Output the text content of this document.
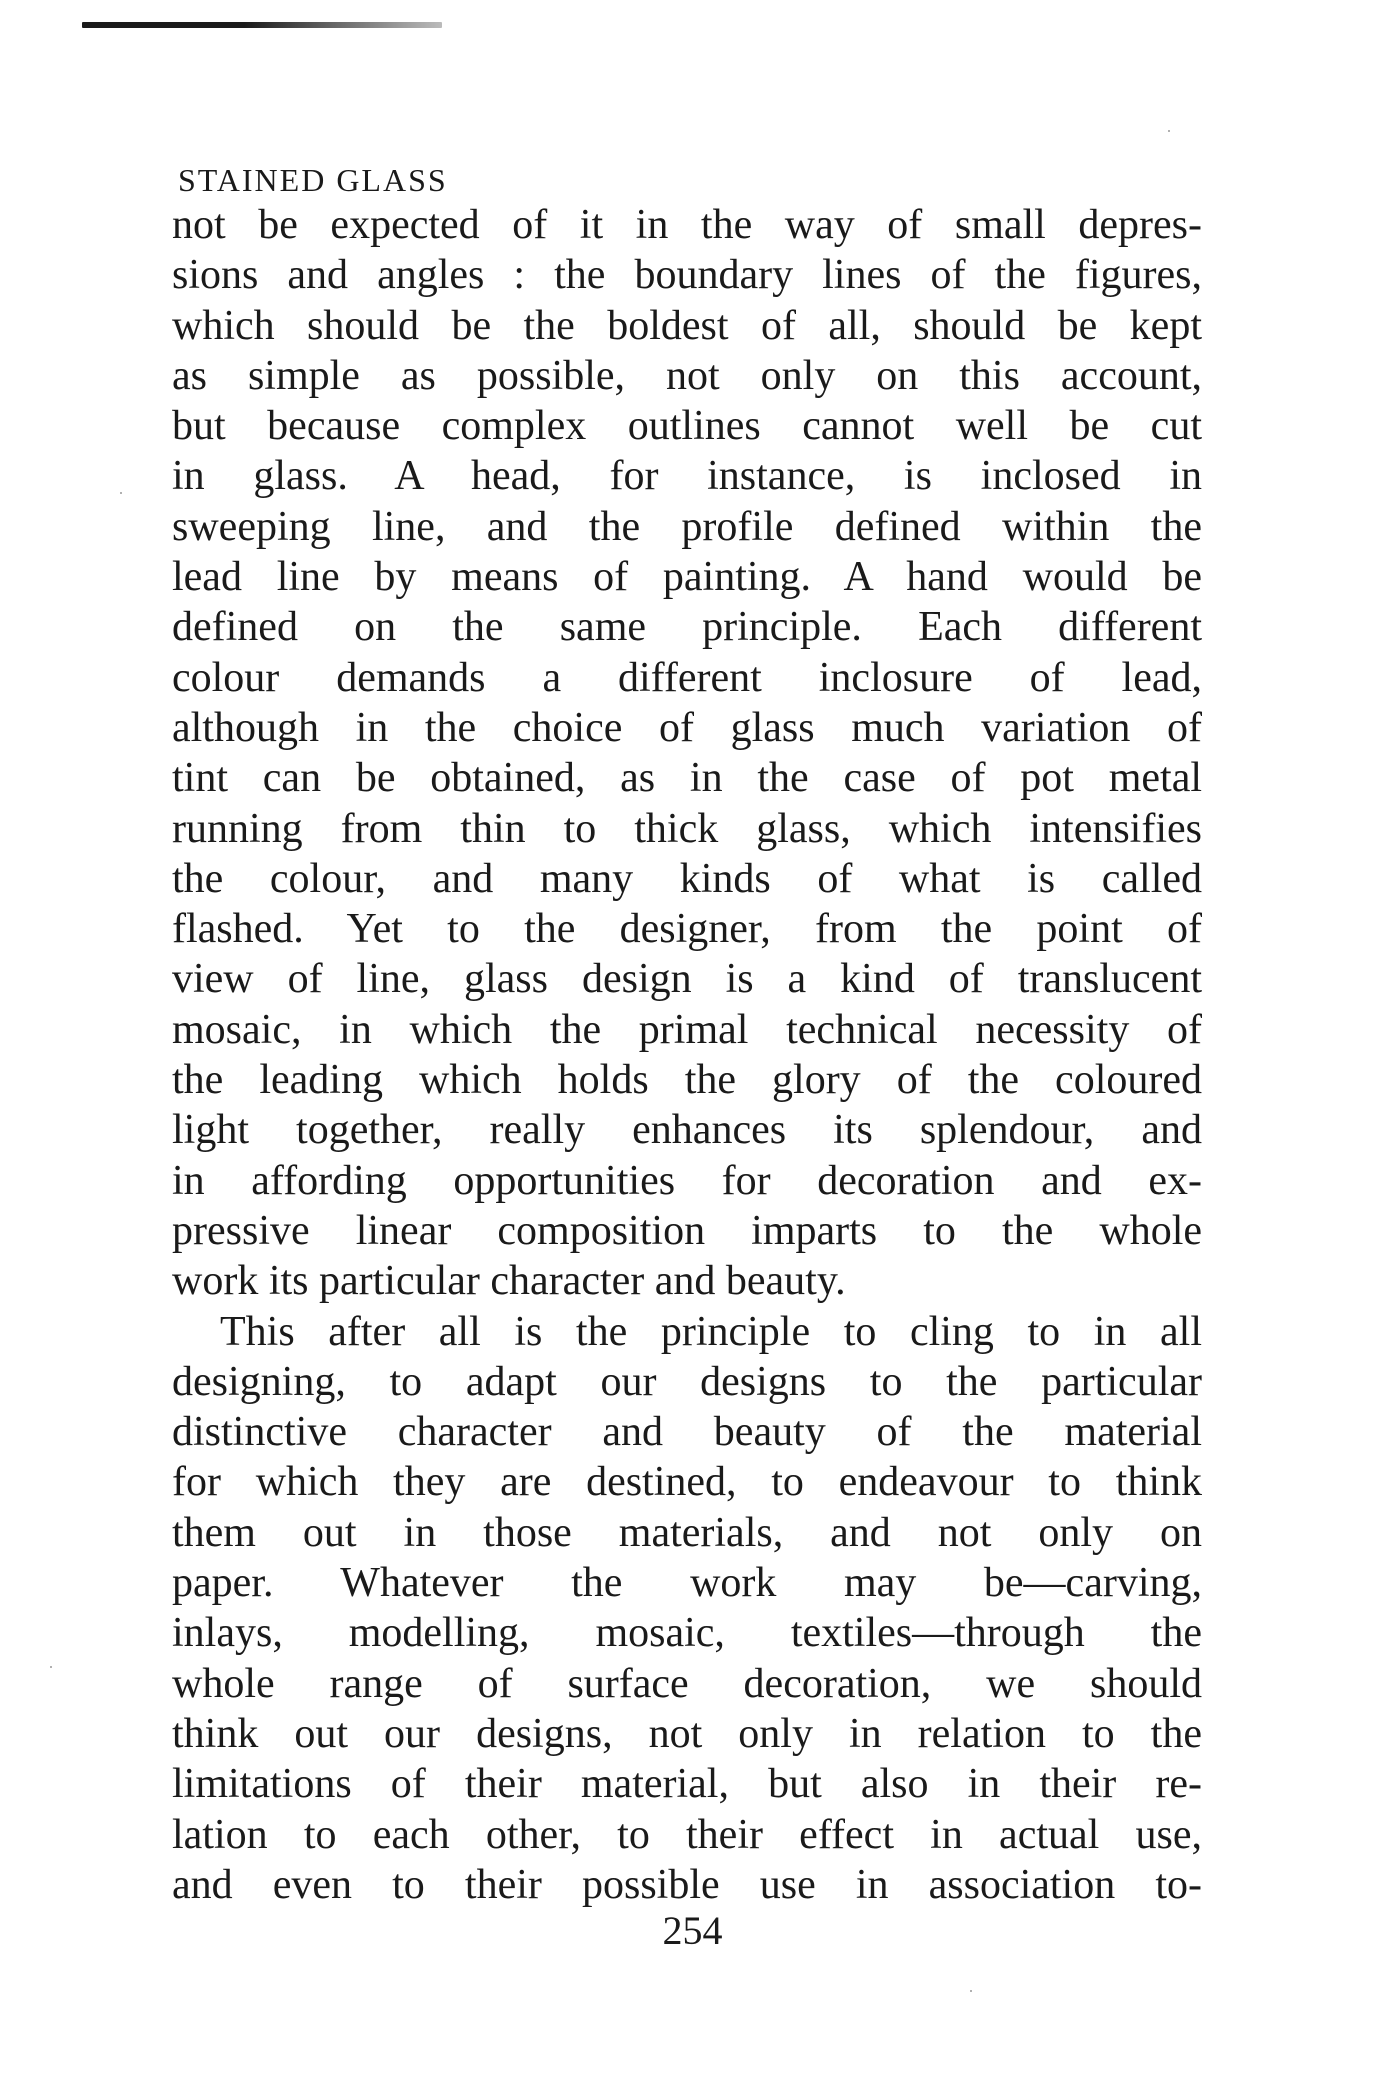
STAINED GLASS
not be expected of it in the way of small depres-
sions and angles : the boundary lines of the figures,
which should be the boldest of all, should be kept
as simple as possible, not only on this account,
but because complex outlines cannot well be cut
in glass. A head, for instance, is inclosed in
sweeping line, and the profile defined within the
lead line by means of painting. A hand would be
defined on the same principle. Each different
colour demands a different inclosure of lead,
although in the choice of glass much variation of
tint can be obtained, as in the case of pot metal
running from thin to thick glass, which intensifies
the colour, and many kinds of what is called
flashed. Yet to the designer, from the point of
view of line, glass design is a kind of translucent
mosaic, in which the primal technical necessity of
the leading which holds the glory of the coloured
light together, really enhances its splendour, and
in affording opportunities for decoration and ex-
pressive linear composition imparts to the whole
work its particular character and beauty.
This after all is the principle to cling to in all
designing, to adapt our designs to the particular
distinctive character and beauty of the material
for which they are destined, to endeavour to think
them out in those materials, and not only on
paper. Whatever the work may be—carving,
inlays, modelling, mosaic, textiles—through the
whole range of surface decoration, we should
think out our designs, not only in relation to the
limitations of their material, but also in their re-
lation to each other, to their effect in actual use,
and even to their possible use in association to-
254
